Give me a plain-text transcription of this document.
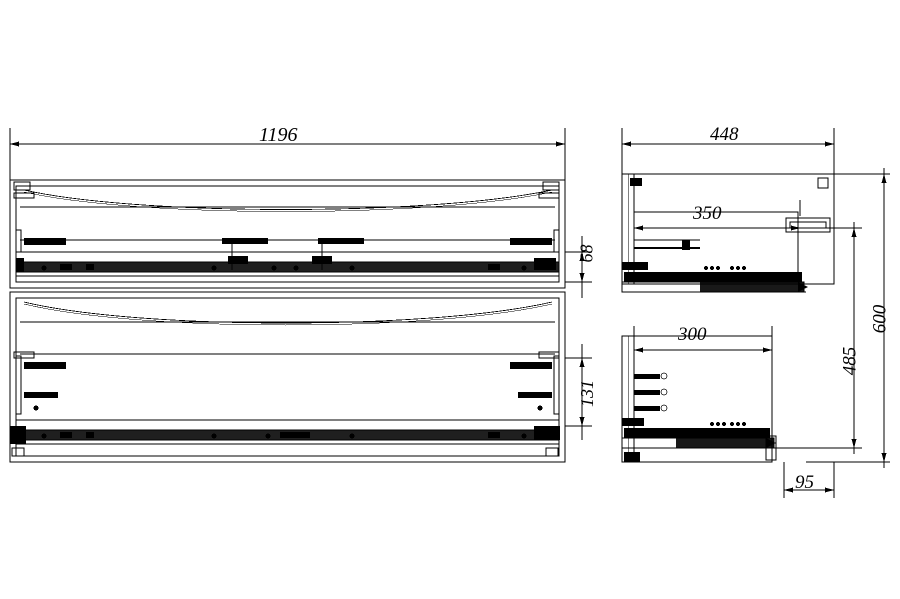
1196
68
131
448
350
300
600
485
95
